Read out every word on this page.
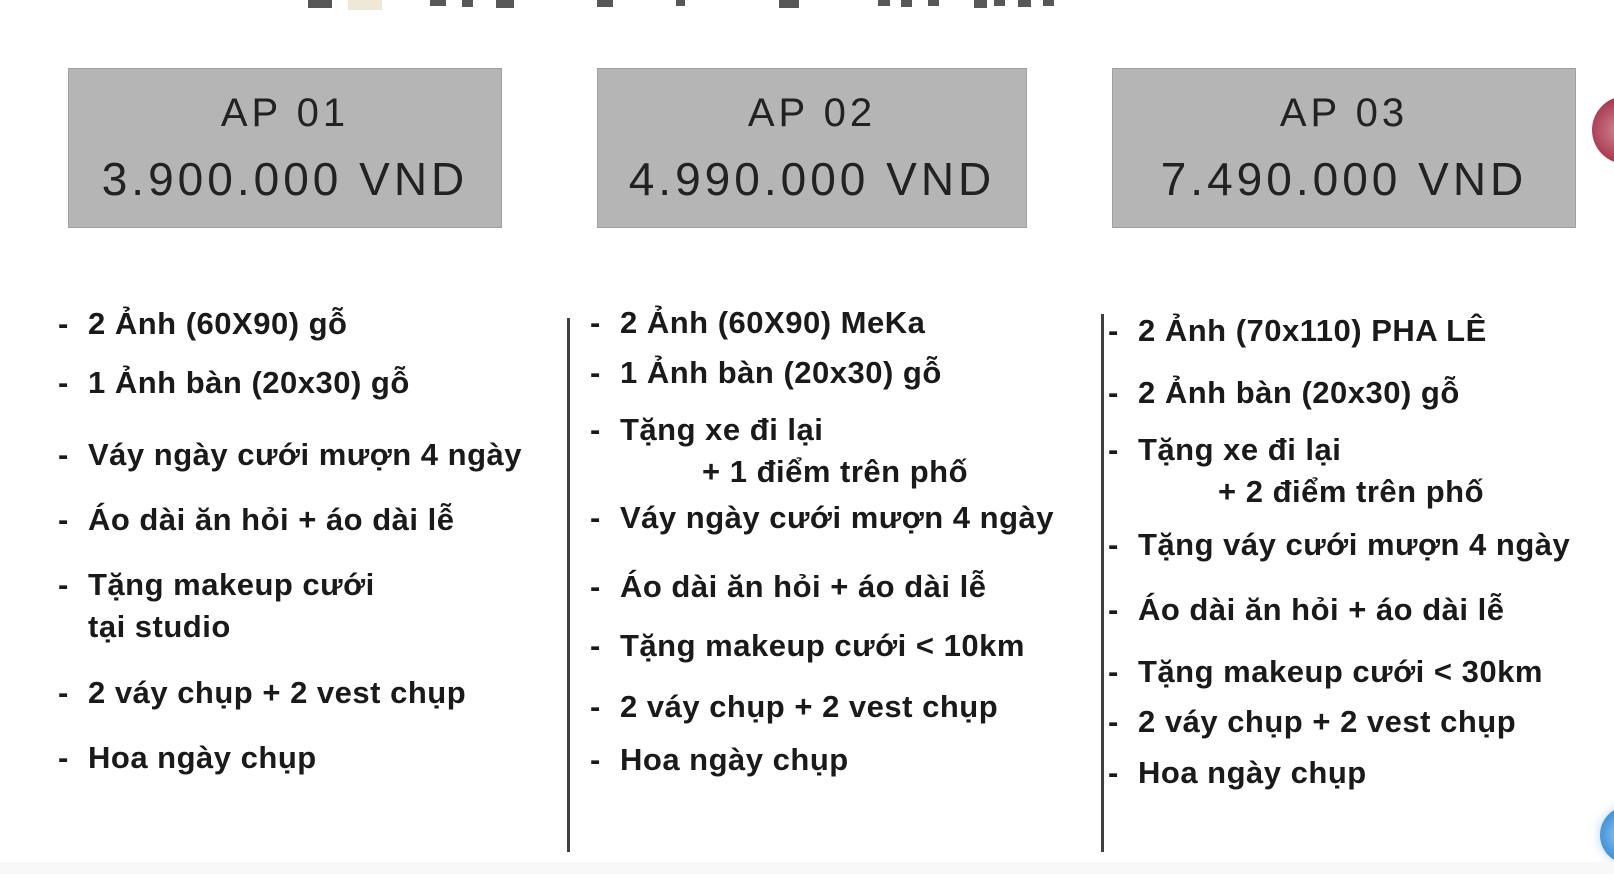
AP 01
3.900.000 VND
AP 02
4.990.000 VND
AP 03
7.490.000 VND
- 2 Ảnh (60X90) gỗ
- 1 Ảnh bàn (20x30) gỗ
- Váy ngày cưới mượn 4 ngày
- Áo dài ăn hỏi + áo dài lễ
- Tặng makeup cưới
tại studio
- 2 váy chụp + 2 vest chụp
- Hoa ngày chụp
- 2 Ảnh (60X90) MeKa
- 1 Ảnh bàn (20x30) gỗ
- Tặng xe đi lại
+ 1 điểm trên phố
- Váy ngày cưới mượn 4 ngày
- Áo dài ăn hỏi + áo dài lễ
- Tặng makeup cưới < 10km
- 2 váy chụp + 2 vest chụp
- Hoa ngày chụp
- 2 Ảnh (70x110) PHA LÊ
- 2 Ảnh bàn (20x30) gỗ
- Tặng xe đi lại
+ 2 điểm trên phố
- Tặng váy cưới mượn 4 ngày
- Áo dài ăn hỏi + áo dài lễ
- Tặng makeup cưới < 30km
- 2 váy chụp + 2 vest chụp
- Hoa ngày chụp
